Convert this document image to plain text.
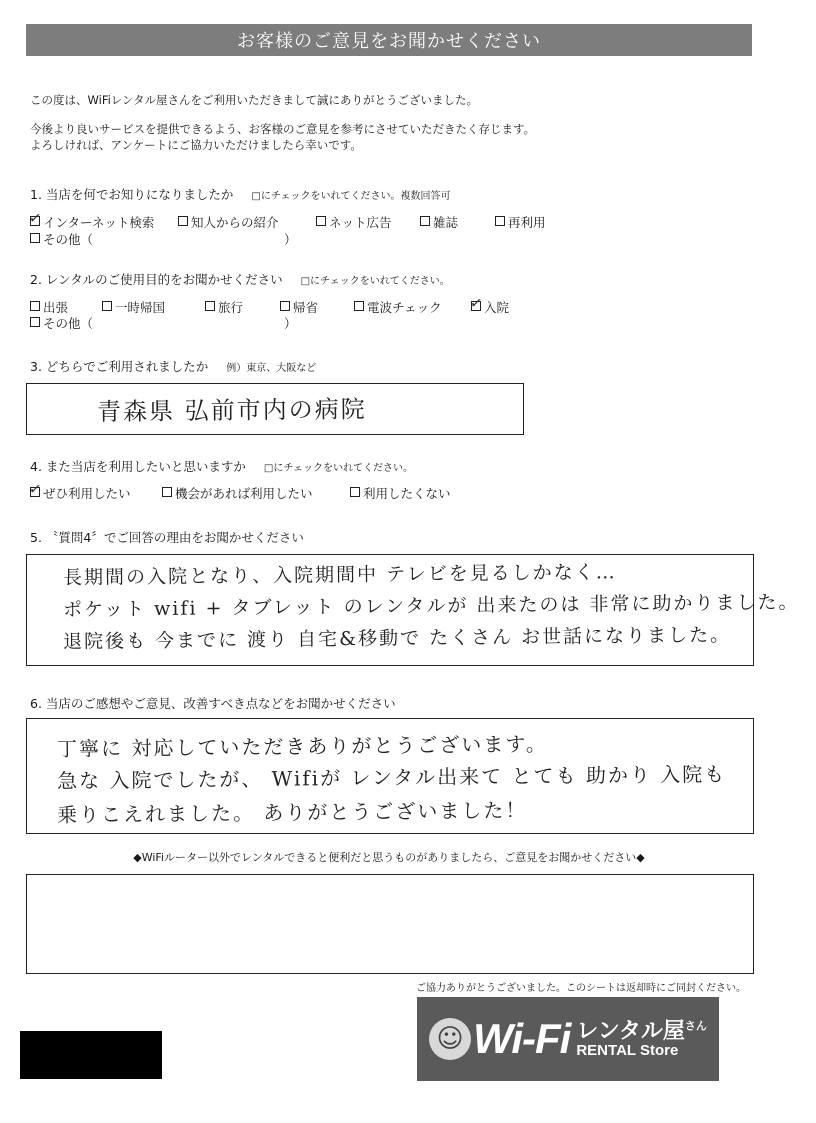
お客様のご意見をお聞かせください
この度は、WiFiレンタル屋さんをご利用いただきまして誠にありがとうございました。
今後より良いサービスを提供できるよう、お客様のご意見を参考にさせていただきたく存じます。
よろしければ、アンケートにご協力いただけましたら幸いです。
1. 当店を何でお知りになりましたか □にチェックをいれてください。複数回答可
✓ インターネット検索	知人からの紹介	ネット広告	雑誌	再利用
その他（	）
2. レンタルのご使用目的をお聞かせください □にチェックをいれてください。
出張	一時帰国	旅行	帰省	電波チェック ✓ 入院
その他（	）
3. どちらでご利用されましたか 例）東京、大阪など
青森県 弘前市内の病院
4. また当店を利用したいと思いますか □にチェックをいれてください。
✓ ぜひ利用したい	機会があれば利用したい	利用したくない
5. 〝質問4〞でご回答の理由をお聞かせください
長期間の入院となり、入院期間中 テレビを見るしかなく…
ポケット wifi + タブレット のレンタルが 出来たのは 非常に助かりました。
退院後も 今までに 渡り 自宅&移動で たくさん お世話になりました。
6. 当店のご感想やご意見、改善すべき点などをお聞かせください
丁寧に 対応していただきありがとうございます。
急な 入院でしたが、 Wifiが レンタル出来て とても 助かり 入院も
乗りこえれました。 ありがとうございました！
◆WiFiルーター以外でレンタルできると便利だと思うものがありましたら、ご意見をお聞かせください◆
ご協力ありがとうございました。このシートは返却時にご同封ください。
☺ Wi-Fi レンタル屋$^{さん}$
RENTAL Store
